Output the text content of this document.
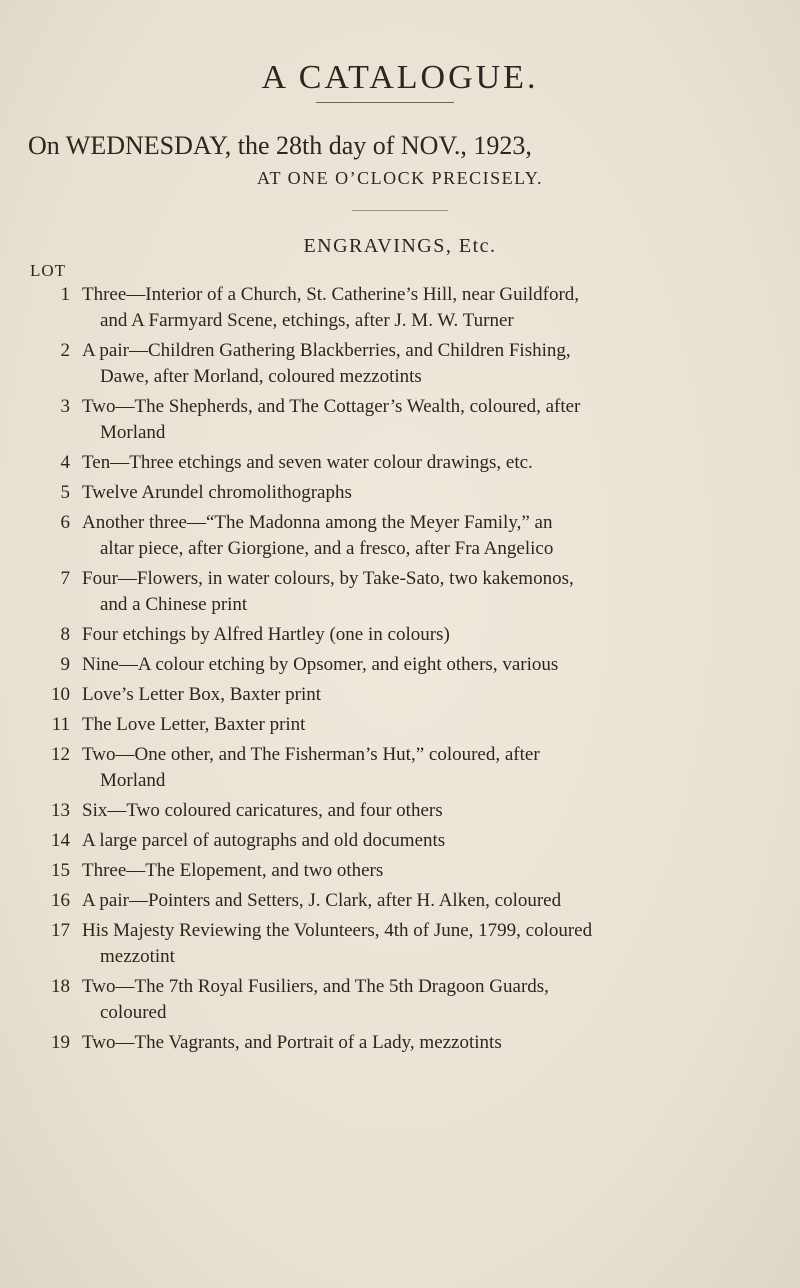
A CATALOGUE.
On WEDNESDAY, the 28th day of NOV., 1923,
AT ONE O’CLOCK PRECISELY.
ENGRAVINGS, Etc.
LOT
1 Three—Interior of a Church, St. Catherine’s Hill, near Guildford,
and A Farmyard Scene, etchings, after J. M. W. Turner
2 A pair—Children Gathering Blackberries, and Children Fishing,
Dawe, after Morland, coloured mezzotints
3 Two—The Shepherds, and The Cottager’s Wealth, coloured, after
Morland
4 Ten—Three etchings and seven water colour drawings, etc.
5 Twelve Arundel chromolithographs
6 Another three—“The Madonna among the Meyer Family,” an
altar piece, after Giorgione, and a fresco, after Fra Angelico
7 Four—Flowers, in water colours, by Take-Sato, two kakemonos,
and a Chinese print
8 Four etchings by Alfred Hartley (one in colours)
9 Nine—A colour etching by Opsomer, and eight others, various
10 Love’s Letter Box, Baxter print
11 The Love Letter, Baxter print
12 Two—One other, and The Fisherman’s Hut,” coloured, after
Morland
13 Six—Two coloured caricatures, and four others
14 A large parcel of autographs and old documents
15 Three—The Elopement, and two others
16 A pair—Pointers and Setters, J. Clark, after H. Alken, coloured
17 His Majesty Reviewing the Volunteers, 4th of June, 1799, coloured
mezzotint
18 Two—The 7th Royal Fusiliers, and The 5th Dragoon Guards,
coloured
19 Two—The Vagrants, and Portrait of a Lady, mezzotints
